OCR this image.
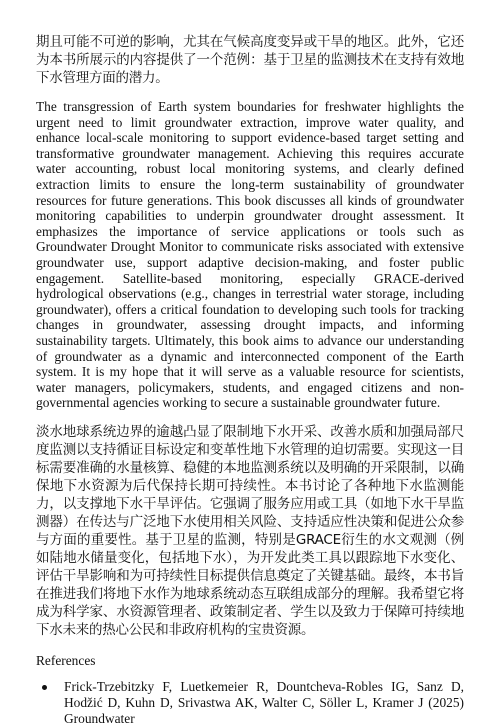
期且可能不可逆的影响，尤其在气候高度变异或干旱的地区。此外，它还为本书所展示的内容提供了一个范例：基于卫星的监测技术在支持有效地下水管理方面的潜力。

The transgression of Earth system boundaries for freshwater highlights the urgent need to limit groundwater extraction, improve water quality, and enhance local-scale monitoring to support evidence-based target setting and transformative groundwater management. Achieving this requires accurate water accounting, robust local monitoring systems, and clearly defined extraction limits to ensure the long-term sustainability of groundwater resources for future generations. This book discusses all kinds of groundwater monitoring capabilities to underpin groundwater drought assessment. It emphasizes the importance of service applications or tools such as Groundwater Drought Monitor to communicate risks associated with extensive groundwater use, support adaptive decision-making, and foster public engagement. Satellite-based monitoring, especially GRACE-derived hydrological observations (e.g., changes in terrestrial water storage, including groundwater), offers a critical foundation to developing such tools for tracking changes in groundwater, assessing drought impacts, and informing sustainability targets. Ultimately, this book aims to advance our understanding of groundwater as a dynamic and interconnected component of the Earth system. It is my hope that it will serve as a valuable resource for scientists, water managers, policymakers, students, and engaged citizens and non-governmental agencies working to secure a sustainable groundwater future.

淡水地球系统边界的逾越凸显了限制地下水开采、改善水质和加强局部尺度监测以支持循证目标设定和变革性地下水管理的迫切需要。实现这一目标需要准确的水量核算、稳健的本地监测系统以及明确的开采限制，以确保地下水资源为后代保持长期可持续性。本书讨论了各种地下水监测能力，以支撑地下水干旱评估。它强调了服务应用或工具（如地下水干旱监测器）在传达与广泛地下水使用相关风险、支持适应性决策和促进公众参与方面的重要性。基于卫星的监测，特别是GRACE衍生的水文观测（例如陆地水储量变化，包括地下水），为开发此类工具以跟踪地下水变化、评估干旱影响和为可持续性目标提供信息奠定了关键基础。最终，本书旨在推进我们将地下水作为地球系统动态互联组成部分的理解。我希望它将成为科学家、水资源管理者、政策制定者、学生以及致力于保障可持续地下水未来的热心公民和非政府机构的宝贵资源。

References
Frick-Trzebitzky F, Luetkemeier R, Dountcheva-Robles IG, Sanz D, Hodžić D, Kuhn D, Srivastwa AK, Walter C, Söller L, Kramer J (2025) Groundwater
